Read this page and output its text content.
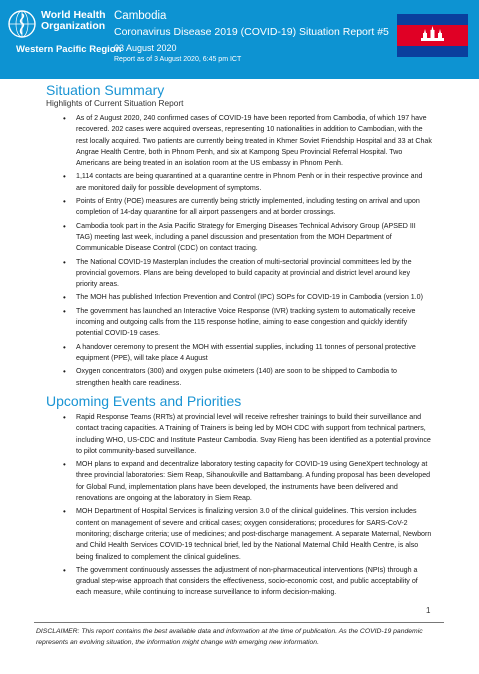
World Health
Organization
Western Pacific Region
Cambodia
Coronavirus Disease 2019 (COVID-19) Situation Report #5
03 August 2020
Report as of 3 August 2020, 6:45 pm ICT
Situation Summary
Highlights of Current Situation Report
• As of 2 August 2020, 240 confirmed cases of COVID-19 have been reported from Cambodia, of which 197 have recovered. 202 cases were acquired overseas, representing 10 nationalities in addition to Cambodian, with the rest locally acquired. Two patients are currently being treated in Khmer Soviet Friendship Hospital and 33 at Chak Angrae Health Centre, both in Phnom Penh, and six at Kampong Speu Provincial Referral Hospital. Two Americans are being treated in an isolation room at the US embassy in Phnom Penh.
• 1,114 contacts are being quarantined at a quarantine centre in Phnom Penh or in their respective province and are monitored daily for possible development of symptoms.
• Points of Entry (POE) measures are currently being strictly implemented, including testing on arrival and upon completion of 14-day quarantine for all airport passengers and at border crossings.
• Cambodia took part in the Asia Pacific Strategy for Emerging Diseases Technical Advisory Group (APSED III TAG) meeting last week, including a panel discussion and presentation from the MOH Department of Communicable Disease Control (CDC) on contact tracing.
• The National COVID-19 Masterplan includes the creation of multi-sectorial provincial committees led by the provincial governors. Plans are being developed to build capacity at provincial and district level around key priority areas.
• The MOH has published Infection Prevention and Control (IPC) SOPs for COVID-19 in Cambodia (version 1.0)
• The government has launched an Interactive Voice Response (IVR) tracking system to automatically receive incoming and outgoing calls from the 115 response hotline, aiming to ease congestion and quickly identify potential COVID-19 cases.
• A handover ceremony to present the MOH with essential supplies, including 11 tonnes of personal protective equipment (PPE), will take place 4 August
• Oxygen concentrators (300) and oxygen pulse oximeters (140) are soon to be shipped to Cambodia to strengthen health care readiness.
Upcoming Events and Priorities
• Rapid Response Teams (RRTs) at provincial level will receive refresher trainings to build their surveillance and contact tracing capacities. A Training of Trainers is being led by MOH CDC with support from technical partners, including WHO, US-CDC and Institute Pasteur Cambodia. Svay Rieng has been identified as a potential province to pilot community-based surveillance.
• MOH plans to expand and decentralize laboratory testing capacity for COVID-19 using GeneXpert technology at three provincial laboratories: Siem Reap, Sihanoukville and Battambang. A funding proposal has been developed for Global Fund, implementation plans have been developed, the instruments have been delivered and renovations are ongoing at the laboratory in Siem Reap.
• MOH Department of Hospital Services is finalizing version 3.0 of the clinical guidelines. This version includes content on management of severe and critical cases; oxygen considerations; procedures for SARS-CoV-2 monitoring; discharge criteria; use of medicines; and post-discharge management. A separate Maternal, Newborn and Child Health Services COVID-19 technical brief, led by the National Maternal Child Health Centre, is also being finalized to complement the clinical guidelines.
• The government continuously assesses the adjustment of non-pharmaceutical interventions (NPIs) through a gradual step-wise approach that considers the effectiveness, socio-economic cost, and public acceptability of each measure, while continuing to increase surveillance to inform decision-making.
1
DISCLAIMER: This report contains the best available data and information at the time of publication. As the COVID-19 pandemic represents an evolving situation, the information might change with emerging new information.
